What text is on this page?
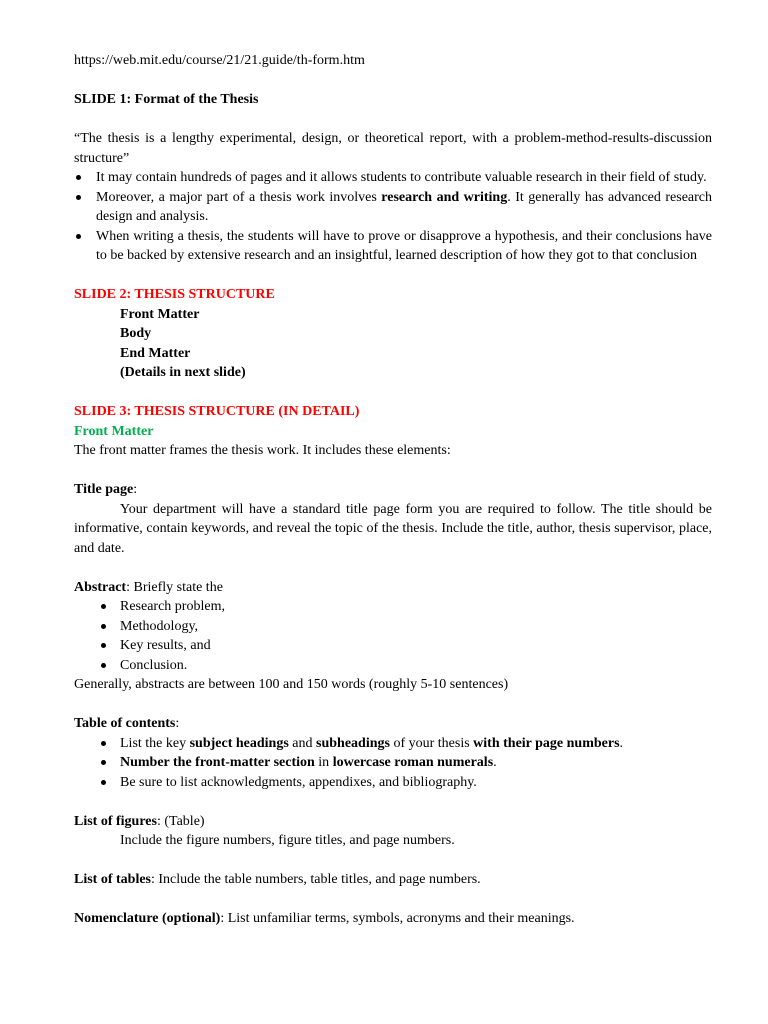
https://web.mit.edu/course/21/21.guide/th-form.htm

SLIDE 1: Format of the Thesis

“The thesis is a lengthy experimental, design, or theoretical report, with a problem-method-results-discussion structure”

It may contain hundreds of pages and it allows students to contribute valuable research in their field of study.
Moreover, a major part of a thesis work involves research and writing. It generally has advanced research design and analysis.
When writing a thesis, the students will have to prove or disapprove a hypothesis, and their conclusions have to be backed by extensive research and an insightful, learned description of how they got to that conclusion

SLIDE 2: THESIS STRUCTURE

Front Matter

Body

End Matter

(Details in next slide)

SLIDE 3: THESIS STRUCTURE (IN DETAIL)

Front Matter

The front matter frames the thesis work. It includes these elements:

Title page:

Your department will have a standard title page form you are required to follow. The title should be informative, contain keywords, and reveal the topic of the thesis. Include the title, author, thesis supervisor, place, and date.

Abstract: Briefly state the

Research problem,
Methodology,
Key results, and
Conclusion.

Generally, abstracts are between 100 and 150 words (roughly 5-10 sentences)

Table of contents:

List the key subject headings and subheadings of your thesis with their page numbers.
Number the front-matter section in lowercase roman numerals.
Be sure to list acknowledgments, appendixes, and bibliography.

List of figures: (Table)

Include the figure numbers, figure titles, and page numbers.

List of tables: Include the table numbers, table titles, and page numbers.

Nomenclature (optional): List unfamiliar terms, symbols, acronyms and their meanings.
